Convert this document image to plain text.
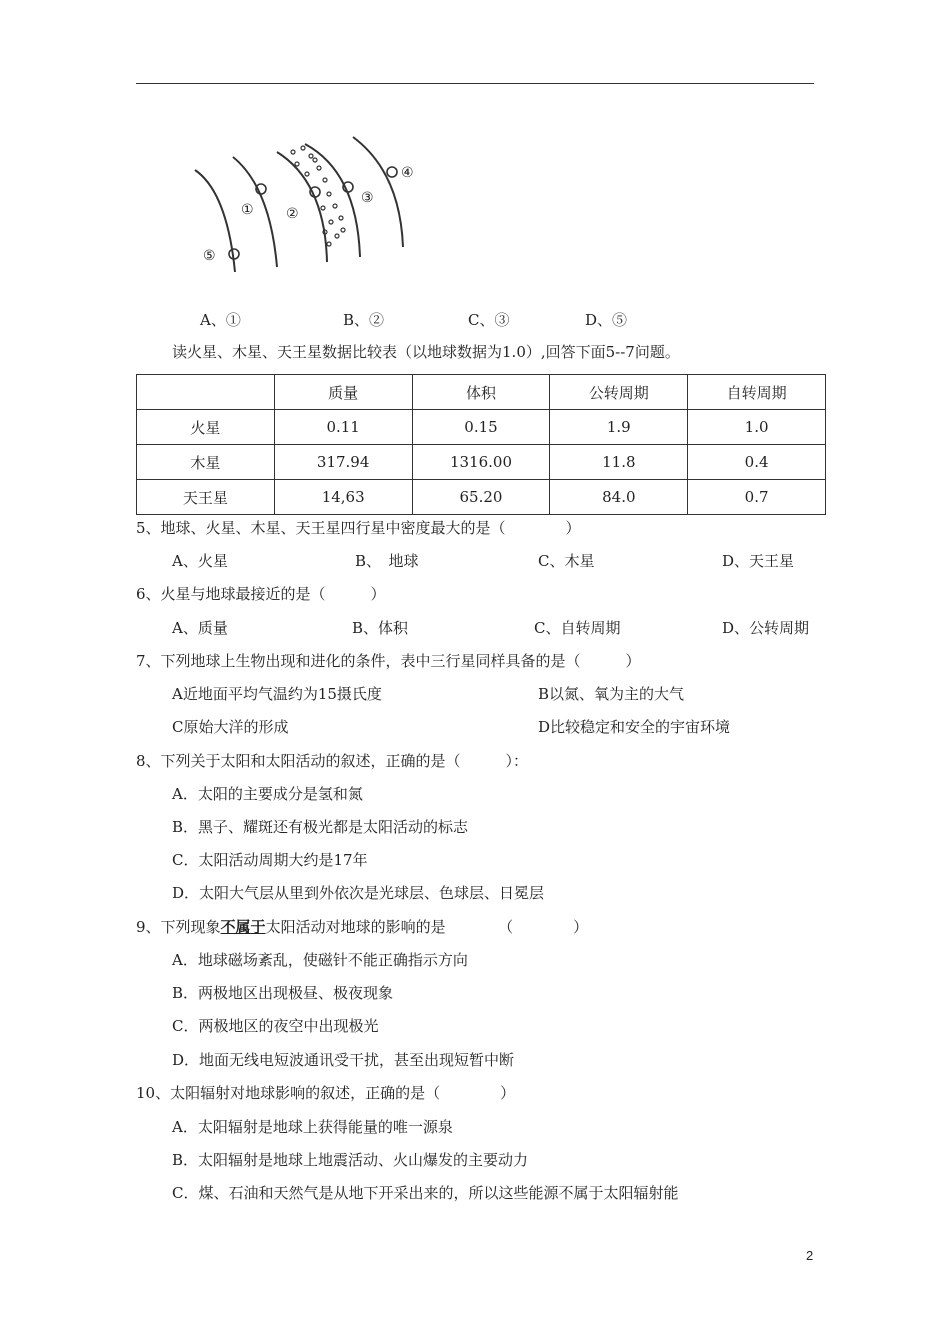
① ②
③
④
⑤
A、①	B、②	C、③	D、⑤
读火星、木星、天王星数据比较表（以地球数据为1.0）,回答下面5--7问题。
	质量	体积	公转周期	自转周期
火星	0.11	0.15	1.9	1.0
木星	317.94	1316.00	11.8	0.4
天王星	14,63	65.20	84.0	0.7
5、地球、火星、木星、天王星四行星中密度最大的是（　　　　）
A、火星	B、　地球	C、木星	D、天王星
6、火星与地球最接近的是（　　　）
A、质量	B、体积	C、自转周期	D、公转周期
7、下列地球上生物出现和进化的条件，表中三行星同样具备的是（　　　）
A近地面平均气温约为15摄氏度	B以氮、氧为主的大气
C原始大洋的形成	D比较稳定和安全的宇宙环境
8、下列关于太阳和太阳活动的叙述，正确的是（　　　）：
A．太阳的主要成分是氢和氮
B．黑子、耀斑还有极光都是太阳活动的标志
C．太阳活动周期大约是17年
D．太阳大气层从里到外依次是光球层、色球层、日冕层
9、下列现象不属于太阳活动对地球的影响的是　　　　（　　　　）
A．地球磁场紊乱，使磁针不能正确指示方向
B．两极地区出现极昼、极夜现象
C．两极地区的夜空中出现极光
D．地面无线电短波通讯受干扰，甚至出现短暂中断
10、太阳辐射对地球影响的叙述，正确的是（　　　　）
A．太阳辐射是地球上获得能量的唯一源泉
B．太阳辐射是地球上地震活动、火山爆发的主要动力
C．煤、石油和天然气是从地下开采出来的，所以这些能源不属于太阳辐射能
2
